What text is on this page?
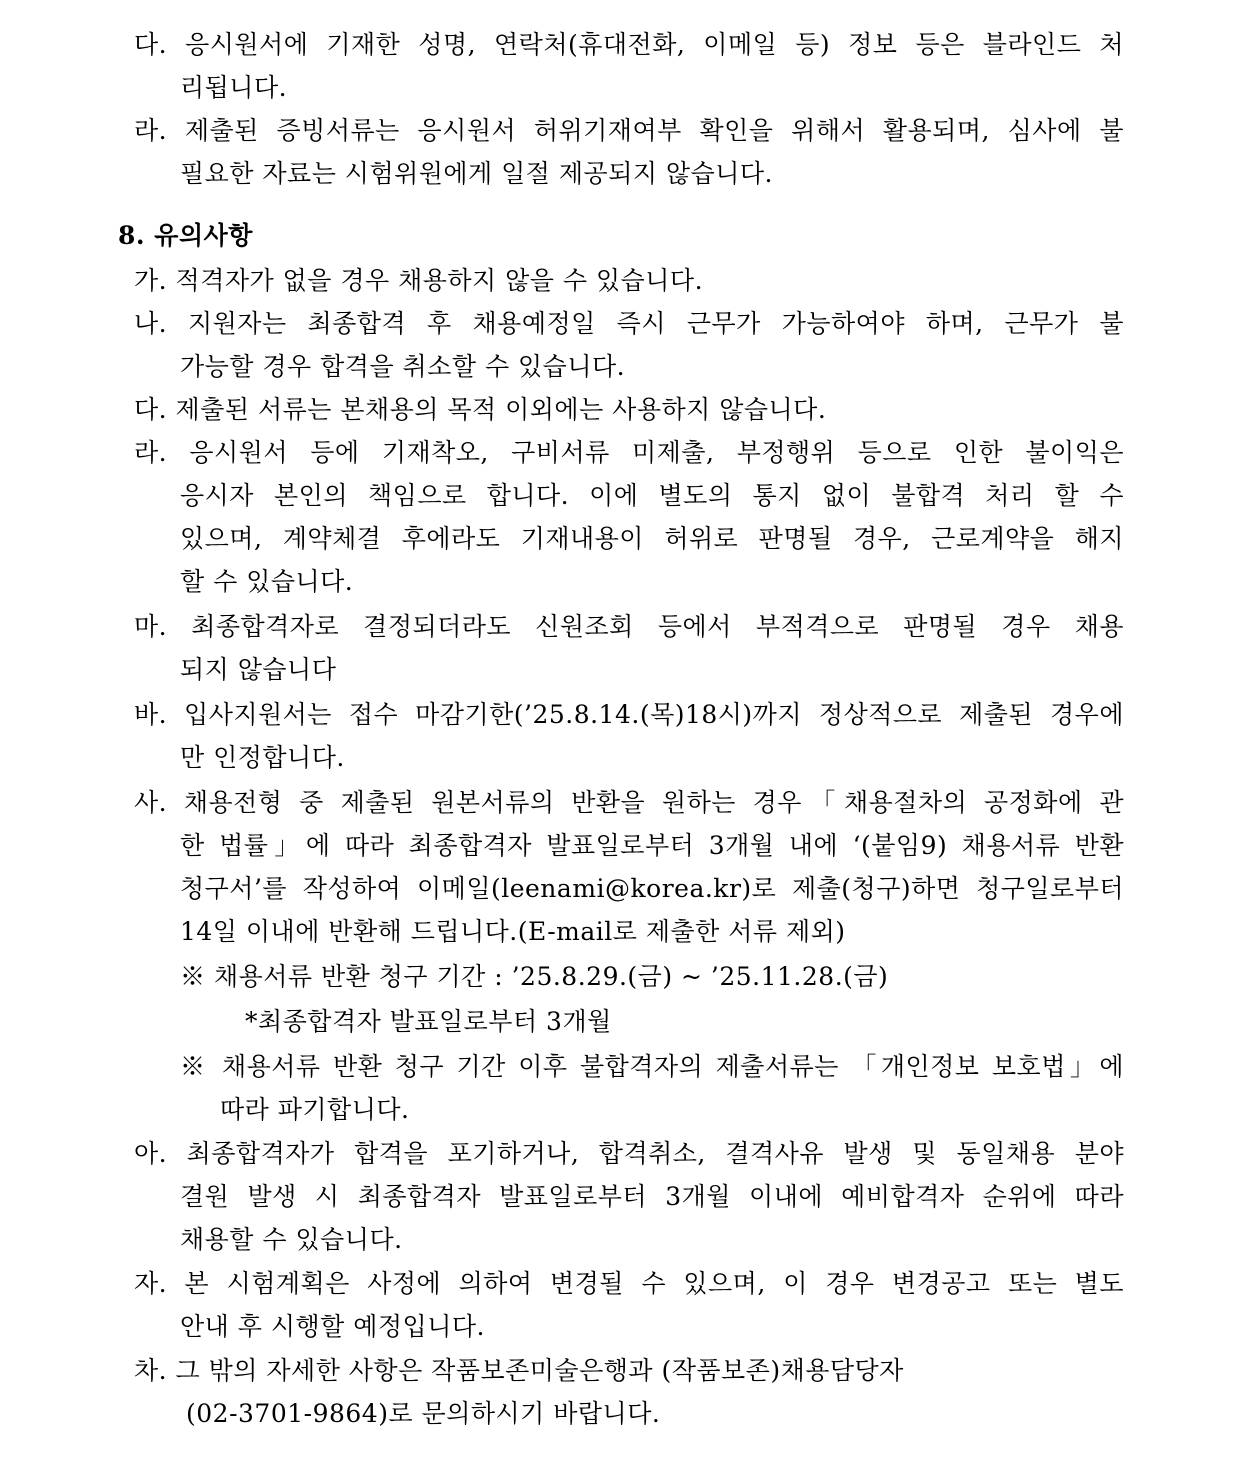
다. 응시원서에 기재한 성명, 연락처(휴대전화, 이메일 등) 정보 등은 블라인드 처
리됩니다.
라. 제출된 증빙서류는 응시원서 허위기재여부 확인을 위해서 활용되며, 심사에 불
필요한 자료는 시험위원에게 일절 제공되지 않습니다.
8. 유의사항
가. 적격자가 없을 경우 채용하지 않을 수 있습니다.
나. 지원자는 최종합격 후 채용예정일 즉시 근무가 가능하여야 하며, 근무가 불
가능할 경우 합격을 취소할 수 있습니다.
다. 제출된 서류는 본채용의 목적 이외에는 사용하지 않습니다.
라. 응시원서 등에 기재착오, 구비서류 미제출, 부정행위 등으로 인한 불이익은
응시자 본인의 책임으로 합니다. 이에 별도의 통지 없이 불합격 처리 할 수
있으며, 계약체결 후에라도 기재내용이 허위로 판명될 경우, 근로계약을 해지
할 수 있습니다.
마. 최종합격자로 결정되더라도 신원조회 등에서 부적격으로 판명될 경우 채용
되지 않습니다
바. 입사지원서는 접수 마감기한(’25.8.14.(목)18시)까지 정상적으로 제출된 경우에
만 인정합니다.
사. 채용전형 중 제출된 원본서류의 반환을 원하는 경우「채용절차의 공정화에 관
한 법률」에 따라 최종합격자 발표일로부터 3개월 내에 ‘(붙임9) 채용서류 반환
청구서’를 작성하여 이메일(leenami@korea.kr)로 제출(청구)하면 청구일로부터
14일 이내에 반환해 드립니다.(E-mail로 제출한 서류 제외)
※ 채용서류 반환 청구 기간 : ’25.8.29.(금) ~ ’25.11.28.(금)
*최종합격자 발표일로부터 3개월
※ 채용서류 반환 청구 기간 이후 불합격자의 제출서류는 「개인정보 보호법」에
따라 파기합니다.
아. 최종합격자가 합격을 포기하거나, 합격취소, 결격사유 발생 및 동일채용 분야
결원 발생 시 최종합격자 발표일로부터 3개월 이내에 예비합격자 순위에 따라
채용할 수 있습니다.
자. 본 시험계획은 사정에 의하여 변경될 수 있으며, 이 경우 변경공고 또는 별도
안내 후 시행할 예정입니다.
차. 그 밖의 자세한 사항은 작품보존미술은행과 (작품보존)채용담당자
(02-3701-9864)로 문의하시기 바랍니다.
